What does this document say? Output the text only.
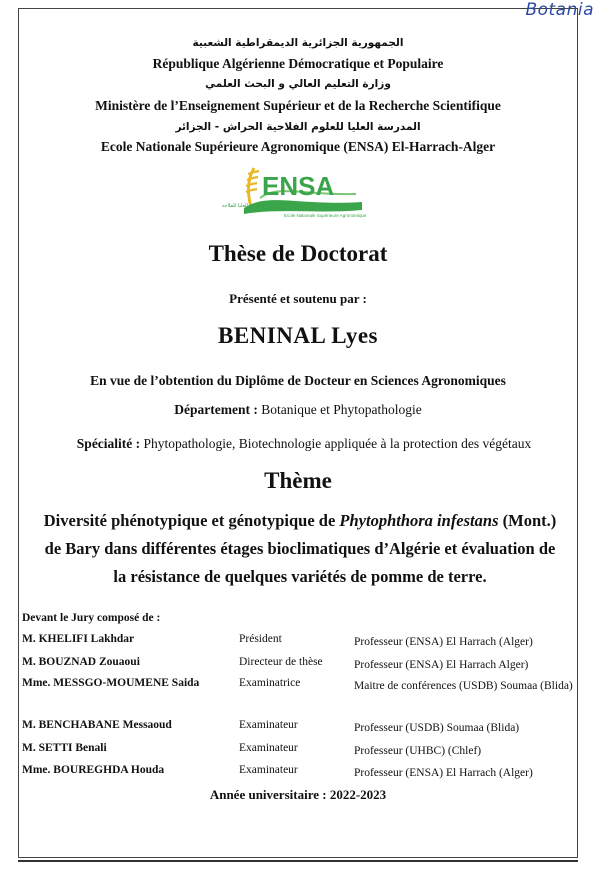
Botania
الجمهورية الجزائرية الديمقراطية الشعبية
République Algérienne Démocratique et Populaire
وزارة التعليم العالي و البحث العلمي
Ministère de l’Enseignement Supérieur et de la Recherche Scientifique
المدرسة العليا للعلوم الفلاحية الحراش - الجزائر
Ecole Nationale Supérieure Agronomique (ENSA) El-Harrach-Alger
ENSA
المدرسة الوطنية العليا للفلاحة
Ecole Nationale Supérieure Agronomique
Thèse de Doctorat
Présenté et soutenu par :
BENINAL Lyes
En vue de l’obtention du Diplôme de Docteur en Sciences Agronomiques
Département : Botanique et Phytopathologie
Spécialité : Phytopathologie, Biotechnologie appliquée à la protection des végétaux
Thème
Diversité phénotypique et génotypique de Phytophthora infestans (Mont.)
de Bary dans différentes étages bioclimatiques d’Algérie et évaluation de
la résistance de quelques variétés de pomme de terre.
Devant le Jury composé de :
M. KHELIFI Lakhdar	Président	Professeur (ENSA) El Harrach (Alger)
M. BOUZNAD Zouaoui	Directeur de thèse	Professeur (ENSA) El Harrach Alger)
Mme. MESSGO-MOUMENE Saida	Examinatrice	Maitre de conférences (USDB) Soumaa (Blida)
M. BENCHABANE Messaoud	Examinateur	Professeur (USDB) Soumaa (Blida)
M. SETTI Benali	Examinateur	Professeur (UHBC) (Chlef)
Mme. BOUREGHDA Houda	Examinateur	Professeur (ENSA) El Harrach (Alger)
Année universitaire : 2022-2023
